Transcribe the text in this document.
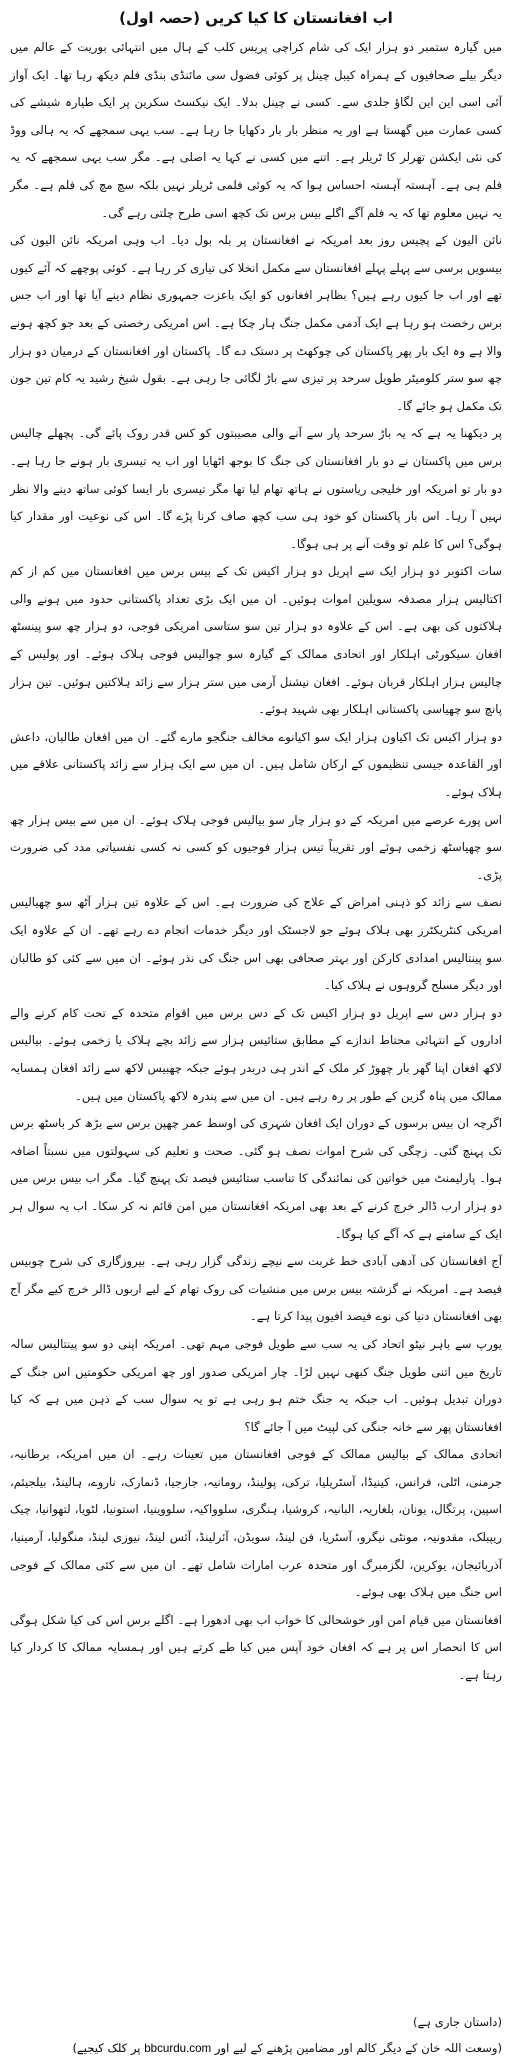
اب افغانستان کا کیا کریں (حصہ اول)

میں گیارہ ستمبر دو ہزار ایک کی شام کراچی پریس کلب کے ہال میں انتہائی بوریت کے عالم میں دیگر بیلے صحافیوں کے ہمراہ کیبل چینل پر کوئی فضول سی مائنڈی بنڈی فلم دیکھ رہا تھا۔ ایک آواز آئی اسی این این لگاؤ جلدی سے۔ کسی نے چینل بدلا۔ ایک نیکسٹ سکرین پر ایک طیارہ شیشے کی کسی عمارت میں گھستا ہے اور یہ منظر بار بار دکھایا جا رہا ہے۔ سب یہی سمجھے کہ یہ ہالی ووڈ کی نئی ایکشن تھرلر کا ٹریلر ہے۔ اتنے میں کسی نے کہا یہ اصلی ہے۔ مگر سب یہی سمجھے کہ یہ فلم ہی ہے۔ آہستہ آہستہ احساس ہوا کہ یہ کوئی فلمی ٹریلر نہیں بلکہ سچ مچ کی فلم ہے۔ مگر یہ نہیں معلوم تھا کہ یہ فلم آگے اگلے بیس برس تک کچھ اسی طرح چلتی رہے گی۔

نائن الیون کے پچیس روز بعد امریکہ نے افغانستان پر بلہ بول دیا۔ اب وہی امریکہ نائن الیون کی بیسویں برسی سے پہلے پہلے افغانستان سے مکمل انخلا کی تیاری کر رہا ہے۔ کوئی پوچھے کہ آئے کیوں تھے اور اب جا کیوں رہے ہیں؟ بظاہر افغانوں کو ایک باعزت جمہوری نظام دینے آیا تھا اور اب جس برس رخصت ہو رہا ہے ایک آدمی مکمل جنگ ہار چکا ہے۔ اس امریکی رخصتی کے بعد جو کچھ ہونے والا ہے وہ ایک بار پھر پاکستان کی چوکھٹ پر دستک دے گا۔ پاکستان اور افغانستان کے درمیان دو ہزار چھ سو ستر کلومیٹر طویل سرحد پر تیزی سے باڑ لگائی جا رہی ہے۔ بقول شیخ رشید یہ کام تین جون تک مکمل ہو جائے گا۔

پر دیکھنا یہ ہے کہ یہ باڑ سرحد پار سے آنے والی مصیبتوں کو کس قدر روک پائے گی۔ پچھلے چالیس برس میں پاکستان نے دو بار افغانستان کی جنگ کا بوجھ اٹھایا اور اب یہ تیسری بار ہونے جا رہا ہے۔ دو بار تو امریکہ اور خلیجی ریاستوں نے ہاتھ تھام لیا تھا مگر تیسری بار ایسا کوئی ساتھ دینے والا نظر نہیں آ رہا۔ اس بار پاکستان کو خود ہی سب کچھ صاف کرنا پڑے گا۔ اس کی نوعیت اور مقدار کیا ہوگی؟ اس کا علم تو وقت آنے پر ہی ہوگا۔

سات اکتوبر دو ہزار ایک سے اپریل دو ہزار اکیس تک کے بیس برس میں افغانستان میں کم از کم اکتالیس ہزار مصدقہ سویلین اموات ہوئیں۔ ان میں ایک بڑی تعداد پاکستانی حدود میں ہونے والی ہلاکتوں کی بھی ہے۔ اس کے علاوہ دو ہزار تین سو ستاسی امریکی فوجی، دو ہزار چھ سو پینسٹھ افغان سیکورٹی اہلکار اور اتحادی ممالک کے گیارہ سو چوالیس فوجی ہلاک ہوئے۔ اور پولیس کے چالیس ہزار اہلکار قربان ہوئے۔ افغان نیشنل آرمی میں ستر ہزار سے زائد ہلاکتیں ہوئیں۔ تین ہزار پانچ سو چھیاسی پاکستانی اہلکار بھی شہید ہوئے۔

دو ہزار اکیس تک اکیاون ہزار ایک سو اکیانوے مخالف جنگجو مارے گئے۔ ان میں افغان طالبان، داعش اور القاعدہ جیسی تنظیموں کے ارکان شامل ہیں۔ ان میں سے ایک ہزار سے زائد پاکستانی علاقے میں ہلاک ہوئے۔

اس پورے عرصے میں امریکہ کے دو ہزار چار سو بیالیس فوجی ہلاک ہوئے۔ ان میں سے بیس ہزار چھ سو چھیاسٹھ زخمی ہوئے اور تقریباً تیس ہزار فوجیوں کو کسی نہ کسی نفسیاتی مدد کی ضرورت پڑی۔

نصف سے زائد کو ذہنی امراض کے علاج کی ضرورت ہے۔ اس کے علاوہ تین ہزار آٹھ سو چھیالیس امریکی کنٹریکٹرز بھی ہلاک ہوئے جو لاجسٹک اور دیگر خدمات انجام دے رہے تھے۔ ان کے علاوہ ایک سو پینتالیس امدادی کارکن اور بہتر صحافی بھی اس جنگ کی نذر ہوئے۔ ان میں سے کئی کو طالبان اور دیگر مسلح گروہوں نے ہلاک کیا۔

دو ہزار دس سے اپریل دو ہزار اکیس تک کے دس برس میں اقوام متحدہ کے تحت کام کرنے والے اداروں کے انتہائی محتاط اندازے کے مطابق ستائیس ہزار سے زائد بچے ہلاک یا زخمی ہوئے۔ بیالیس لاکھ افغان اپنا گھر بار چھوڑ کر ملک کے اندر ہی دربدر ہوئے جبکہ چھبیس لاکھ سے زائد افغان ہمسایہ ممالک میں پناہ گزین کے طور پر رہ رہے ہیں۔ ان میں سے پندرہ لاکھ پاکستان میں ہیں۔

اگرچہ ان بیس برسوں کے دوران ایک افغان شہری کی اوسط عمر چھپن برس سے بڑھ کر باسٹھ برس تک پہنچ گئی۔ زچگی کی شرح اموات نصف ہو گئی۔ صحت و تعلیم کی سہولتوں میں نسبتاً اضافہ ہوا۔ پارلیمنٹ میں خواتین کی نمائندگی کا تناسب ستائیس فیصد تک پہنچ گیا۔ مگر اب بیس برس میں دو ہزار ارب ڈالر خرچ کرنے کے بعد بھی امریکہ افغانستان میں امن قائم نہ کر سکا۔ اب یہ سوال ہر ایک کے سامنے ہے کہ آگے کیا ہوگا۔

آج افغانستان کی آدھی آبادی خط غربت سے نیچے زندگی گزار رہی ہے۔ بیروزگاری کی شرح چوبیس فیصد ہے۔ امریکہ نے گزشتہ بیس برس میں منشیات کی روک تھام کے لیے اربوں ڈالر خرچ کیے مگر آج بھی افغانستان دنیا کی نوے فیصد افیون پیدا کرتا ہے۔

یورپ سے باہر نیٹو اتحاد کی یہ سب سے طویل فوجی مہم تھی۔ امریکہ اپنی دو سو پینتالیس سالہ تاریخ میں اتنی طویل جنگ کبھی نہیں لڑا۔ چار امریکی صدور اور چھ امریکی حکومتیں اس جنگ کے دوران تبدیل ہوئیں۔ اب جبکہ یہ جنگ ختم ہو رہی ہے تو یہ سوال سب کے ذہن میں ہے کہ کیا افغانستان پھر سے خانہ جنگی کی لپیٹ میں آ جائے گا؟

اتحادی ممالک کے بیالیس ممالک کے فوجی افغانستان میں تعینات رہے۔ ان میں امریکہ، برطانیہ، جرمنی، اٹلی، فرانس، کینیڈا، آسٹریلیا، ترکی، پولینڈ، رومانیہ، جارجیا، ڈنمارک، ناروے، ہالینڈ، بیلجیئم، اسپین، پرتگال، یونان، بلغاریہ، البانیہ، کروشیا، ہنگری، سلوواکیہ، سلووینیا، استونیا، لٹویا، لتھوانیا، چیک ریپبلک، مقدونیہ، مونٹی نیگرو، آسٹریا، فن لینڈ، سویڈن، آئرلینڈ، آئس لینڈ، نیوزی لینڈ، منگولیا، آرمینیا، آذربائیجان، یوکرین، لگزمبرگ اور متحدہ عرب امارات شامل تھے۔ ان میں سے کئی ممالک کے فوجی اس جنگ میں ہلاک بھی ہوئے۔

افغانستان میں قیام امن اور خوشحالی کا خواب اب بھی ادھورا ہے۔ اگلے برس اس کی کیا شکل ہوگی اس کا انحصار اس پر ہے کہ افغان خود آپس میں کیا طے کرتے ہیں اور ہمسایہ ممالک کا کردار کیا رہتا ہے۔

(داستان جاری ہے)
(وسعت اللہ خان کے دیگر کالم اور مضامین پڑھنے کے لیے اور bbcurdu.com پر کلک کیجیے)
